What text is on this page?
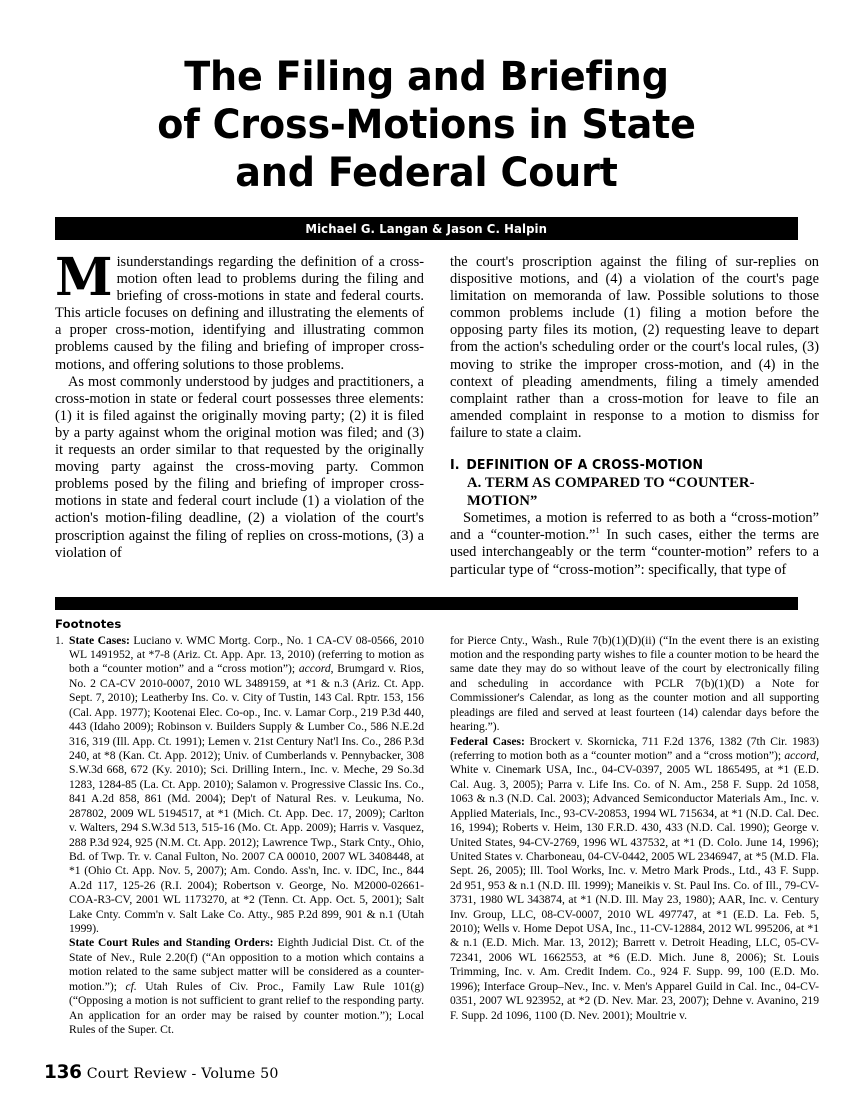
The Filing and Briefing
of Cross-Motions in State
and Federal Court
Michael G. Langan & Jason C. Halpin

Misunderstandings regarding the definition of a cross-motion often lead to problems during the filing and briefing of cross-motions in state and federal courts. This article focuses on defining and illustrating the elements of a proper cross-motion, identifying and illustrating common problems caused by the filing and briefing of improper cross-motions, and offering solutions to those problems.

As most commonly understood by judges and practitioners, a cross-motion in state or federal court possesses three elements: (1) it is filed against the originally moving party; (2) it is filed by a party against whom the original motion was filed; and (3) it requests an order similar to that requested by the originally moving party against the cross-moving party. Common problems posed by the filing and briefing of improper cross-motions in state and federal court include (1) a violation of the action's motion-filing deadline, (2) a violation of the court's proscription against the filing of replies on cross-motions, (3) a violation of

the court's proscription against the filing of sur-replies on dispositive motions, and (4) a violation of the court's page limitation on memoranda of law. Possible solutions to those common problems include (1) filing a motion before the opposing party files its motion, (2) requesting leave to depart from the action's scheduling order or the court's local rules, (3) moving to strike the improper cross-motion, and (4) in the context of pleading amendments, filing a timely amended complaint rather than a cross-motion for leave to file an amended complaint in response to a motion to dismiss for failure to state a claim.

I. DEFINITION OF A CROSS-MOTION
A. TERM AS COMPARED TO “COUNTER-MOTION”

Sometimes, a motion is referred to as both a “cross-motion” and a “counter-motion.”$^1$ In such cases, either the terms are used interchangeably or the term “counter-motion” refers to a particular type of “cross-motion”: specifically, that type of

Footnotes
1. State Cases: Luciano v. WMC Mortg. Corp., No. 1 CA-CV 08-0566, 2010 WL 1491952, at *7-8 (Ariz. Ct. App. Apr. 13, 2010) (referring to motion as both a “counter motion” and a “cross motion”); accord, Brumgard v. Rios, No. 2 CA-CV 2010-0007, 2010 WL 3489159, at *1 & n.3 (Ariz. Ct. App. Sept. 7, 2010); Leatherby Ins. Co. v. City of Tustin, 143 Cal. Rptr. 153, 156 (Cal. App. 1977); Kootenai Elec. Co-op., Inc. v. Lamar Corp., 219 P.3d 440, 443 (Idaho 2009); Robinson v. Builders Supply & Lumber Co., 586 N.E.2d 316, 319 (Ill. App. Ct. 1991); Lemen v. 21st Century Nat'l Ins. Co., 286 P.3d 240, at *8 (Kan. Ct. App. 2012); Univ. of Cumberlands v. Pennybacker, 308 S.W.3d 668, 672 (Ky. 2010); Sci. Drilling Intern., Inc. v. Meche, 29 So.3d 1283, 1284-85 (La. Ct. App. 2010); Salamon v. Progressive Classic Ins. Co., 841 A.2d 858, 861 (Md. 2004); Dep't of Natural Res. v. Leukuma, No. 287802, 2009 WL 5194517, at *1 (Mich. Ct. App. Dec. 17, 2009); Carlton v. Walters, 294 S.W.3d 513, 515-16 (Mo. Ct. App. 2009); Harris v. Vasquez, 288 P.3d 924, 925 (N.M. Ct. App. 2012); Lawrence Twp., Stark Cnty., Ohio, Bd. of Twp. Tr. v. Canal Fulton, No. 2007 CA 00010, 2007 WL 3408448, at *1 (Ohio Ct. App. Nov. 5, 2007); Am. Condo. Ass'n, Inc. v. IDC, Inc., 844 A.2d 117, 125-26 (R.I. 2004); Robertson v. George, No. M2000-02661-COA-R3-CV, 2001 WL 1173270, at *2 (Tenn. Ct. App. Oct. 5, 2001); Salt Lake Cnty. Comm'n v. Salt Lake Co. Atty., 985 P.2d 899, 901 & n.1 (Utah 1999).
State Court Rules and Standing Orders: Eighth Judicial Dist. Ct. of the State of Nev., Rule 2.20(f) (“An opposition to a motion which contains a motion related to the same subject matter will be considered as a counter-motion.”); cf. Utah Rules of Civ. Proc., Family Law Rule 101(g) (“Opposing a motion is not sufficient to grant relief to the responding party. An application for an order may be raised by counter motion.”); Local Rules of the Super. Ct.
for Pierce Cnty., Wash., Rule 7(b)(1)(D)(ii) (“In the event there is an existing motion and the responding party wishes to file a counter motion to be heard the same date they may do so without leave of the court by electronically filing and scheduling in accordance with PCLR 7(b)(1)(D) a Note for Commissioner's Calendar, as long as the counter motion and all supporting pleadings are filed and served at least fourteen (14) calendar days before the hearing.”).
Federal Cases: Brockert v. Skornicka, 711 F.2d 1376, 1382 (7th Cir. 1983) (referring to motion both as a “counter motion” and a “cross motion”); accord, White v. Cinemark USA, Inc., 04-CV-0397, 2005 WL 1865495, at *1 (E.D. Cal. Aug. 3, 2005); Parra v. Life Ins. Co. of N. Am., 258 F. Supp. 2d 1058, 1063 & n.3 (N.D. Cal. 2003); Advanced Semiconductor Materials Am., Inc. v. Applied Materials, Inc., 93-CV-20853, 1994 WL 715634, at *1 (N.D. Cal. Dec. 16, 1994); Roberts v. Heim, 130 F.R.D. 430, 433 (N.D. Cal. 1990); George v. United States, 94-CV-2769, 1996 WL 437532, at *1 (D. Colo. June 14, 1996); United States v. Charboneau, 04-CV-0442, 2005 WL 2346947, at *5 (M.D. Fla. Sept. 26, 2005); Ill. Tool Works, Inc. v. Metro Mark Prods., Ltd., 43 F. Supp. 2d 951, 953 & n.1 (N.D. Ill. 1999); Maneikis v. St. Paul Ins. Co. of Ill., 79-CV-3731, 1980 WL 343874, at *1 (N.D. Ill. May 23, 1980); AAR, Inc. v. Century Inv. Group, LLC, 08-CV-0007, 2010 WL 497747, at *1 (E.D. La. Feb. 5, 2010); Wells v. Home Depot USA, Inc., 11-CV-12884, 2012 WL 995206, at *1 & n.1 (E.D. Mich. Mar. 13, 2012); Barrett v. Detroit Heading, LLC, 05-CV-72341, 2006 WL 1662553, at *6 (E.D. Mich. June 8, 2006); St. Louis Trimming, Inc. v. Am. Credit Indem. Co., 924 F. Supp. 99, 100 (E.D. Mo. 1996); Interface Group–Nev., Inc. v. Men's Apparel Guild in Cal. Inc., 04-CV-0351, 2007 WL 923952, at *2 (D. Nev. Mar. 23, 2007); Dehne v. Avanino, 219 F. Supp. 2d 1096, 1100 (D. Nev. 2001); Moultrie v.
136 Court Review - Volume 50
